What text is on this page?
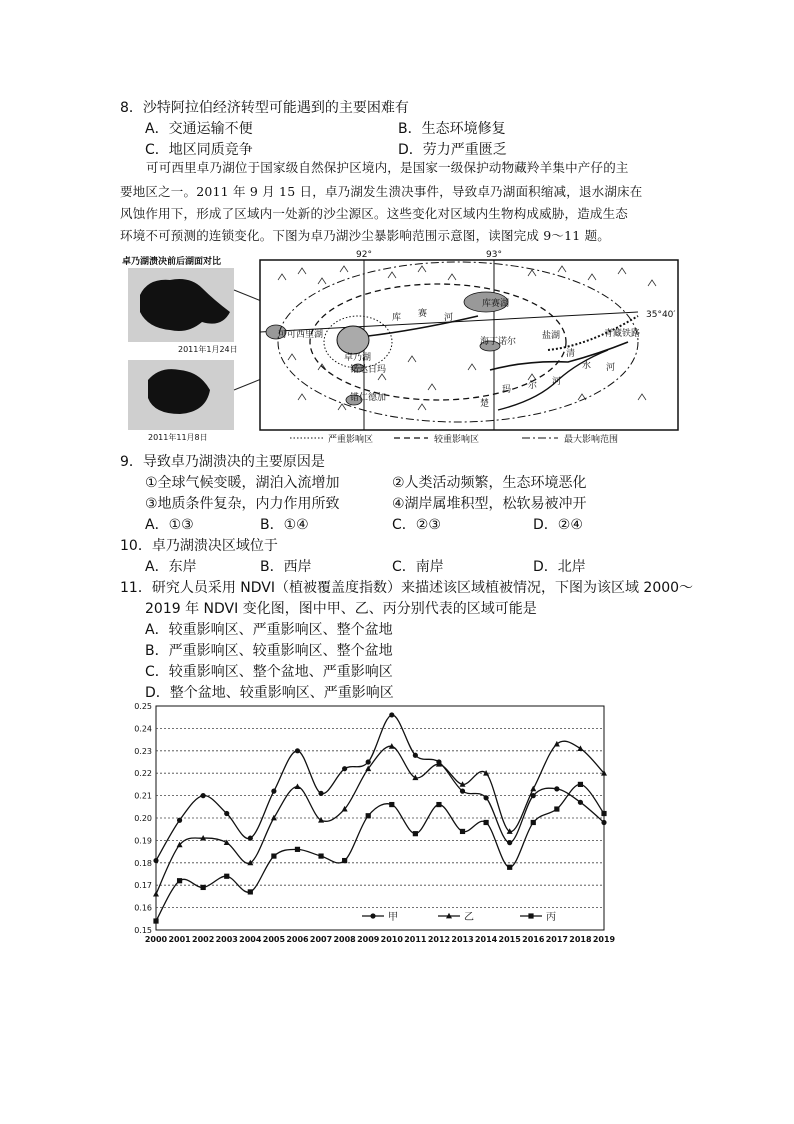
8．沙特阿拉伯经济转型可能遇到的主要困难有
A．交通运输不便	B．生态环境修复
C．地区同质竞争	D．劳力严重匮乏
可可西里卓乃湖位于国家级自然保护区境内，是国家一级保护动物藏羚羊集中产仔的主
要地区之一。2011 年 9 月 15 日，卓乃湖发生溃决事件，导致卓乃湖面积缩减，退水湖床在
风蚀作用下，形成了区域内一处新的沙尘源区。这些变化对区域内生物构成威胁，造成生态
环境不可预测的连锁变化。下图为卓乃湖沙尘暴影响范围示意图，读图完成 9～11 题。
卓乃湖溃决前后湖面对比
2011年1月24日
2011年11月8日
92°	93°
35°40′
可可西里湖
卓乃湖
库赛湖
库 赛 河
海丁诺尔
盐湖
错达日玛
错仁德加
楚
玛 尔 河
清
水 河
青藏铁路
严重影响区	较重影响区	最大影响范围
9．导致卓乃湖溃决的主要原因是
①全球气候变暖，湖泊入流增加	②人类活动频繁，生态环境恶化
③地质条件复杂，内力作用所致	④湖岸属堆积型，松软易被冲开
A．①③	B．①④	C．②③	D．②④
10．卓乃湖溃决区域位于
A．东岸	B．西岸	C．南岸	D．北岸
11．研究人员采用 NDVI（植被覆盖度指数）来描述该区域植被情况，下图为该区域 2000～
2019 年 NDVI 变化图，图中甲、乙、丙分别代表的区域可能是
A．较重影响区、严重影响区、整个盆地
B．严重影响区、较重影响区、整个盆地
C．较重影响区、整个盆地、严重影响区
D．整个盆地、较重影响区、严重影响区
0.15
0.16
0.17
0.18
0.19
0.20
0.21
0.22
0.23
0.24
0.25
2000 2001 2002 2003 2004 2005 2006 2007 2008 2009 2010 2011 2012 2013 2014 2015 2016 2017 2018 2019
甲	乙	丙
